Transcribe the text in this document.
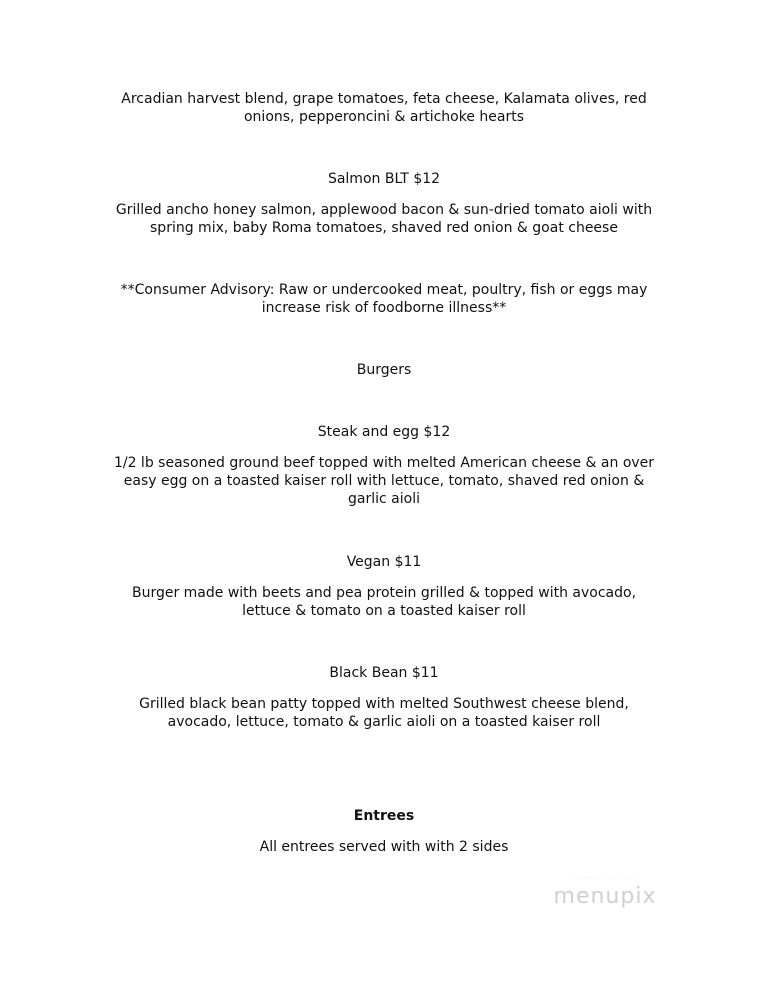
Arcadian harvest blend, grape tomatoes, feta cheese, Kalamata olives, red
onions, pepperoncini & artichoke hearts
Salmon BLT $12
Grilled ancho honey salmon, applewood bacon & sun-dried tomato aioli with
spring mix, baby Roma tomatoes, shaved red onion & goat cheese
**Consumer Advisory: Raw or undercooked meat, poultry, fish or eggs may
increase risk of foodborne illness**
Burgers
Steak and egg $12
1/2 lb seasoned ground beef topped with melted American cheese & an over
easy egg on a toasted kaiser roll with lettuce, tomato, shaved red onion &
garlic aioli
Vegan $11
Burger made with beets and pea protein grilled & topped with avocado,
lettuce & tomato on a toasted kaiser roll
Black Bean $11
Grilled black bean patty topped with melted Southwest cheese blend,
avocado, lettuce, tomato & garlic aioli on a toasted kaiser roll
Entrees
All entrees served with with 2 sides
··················
menupix
